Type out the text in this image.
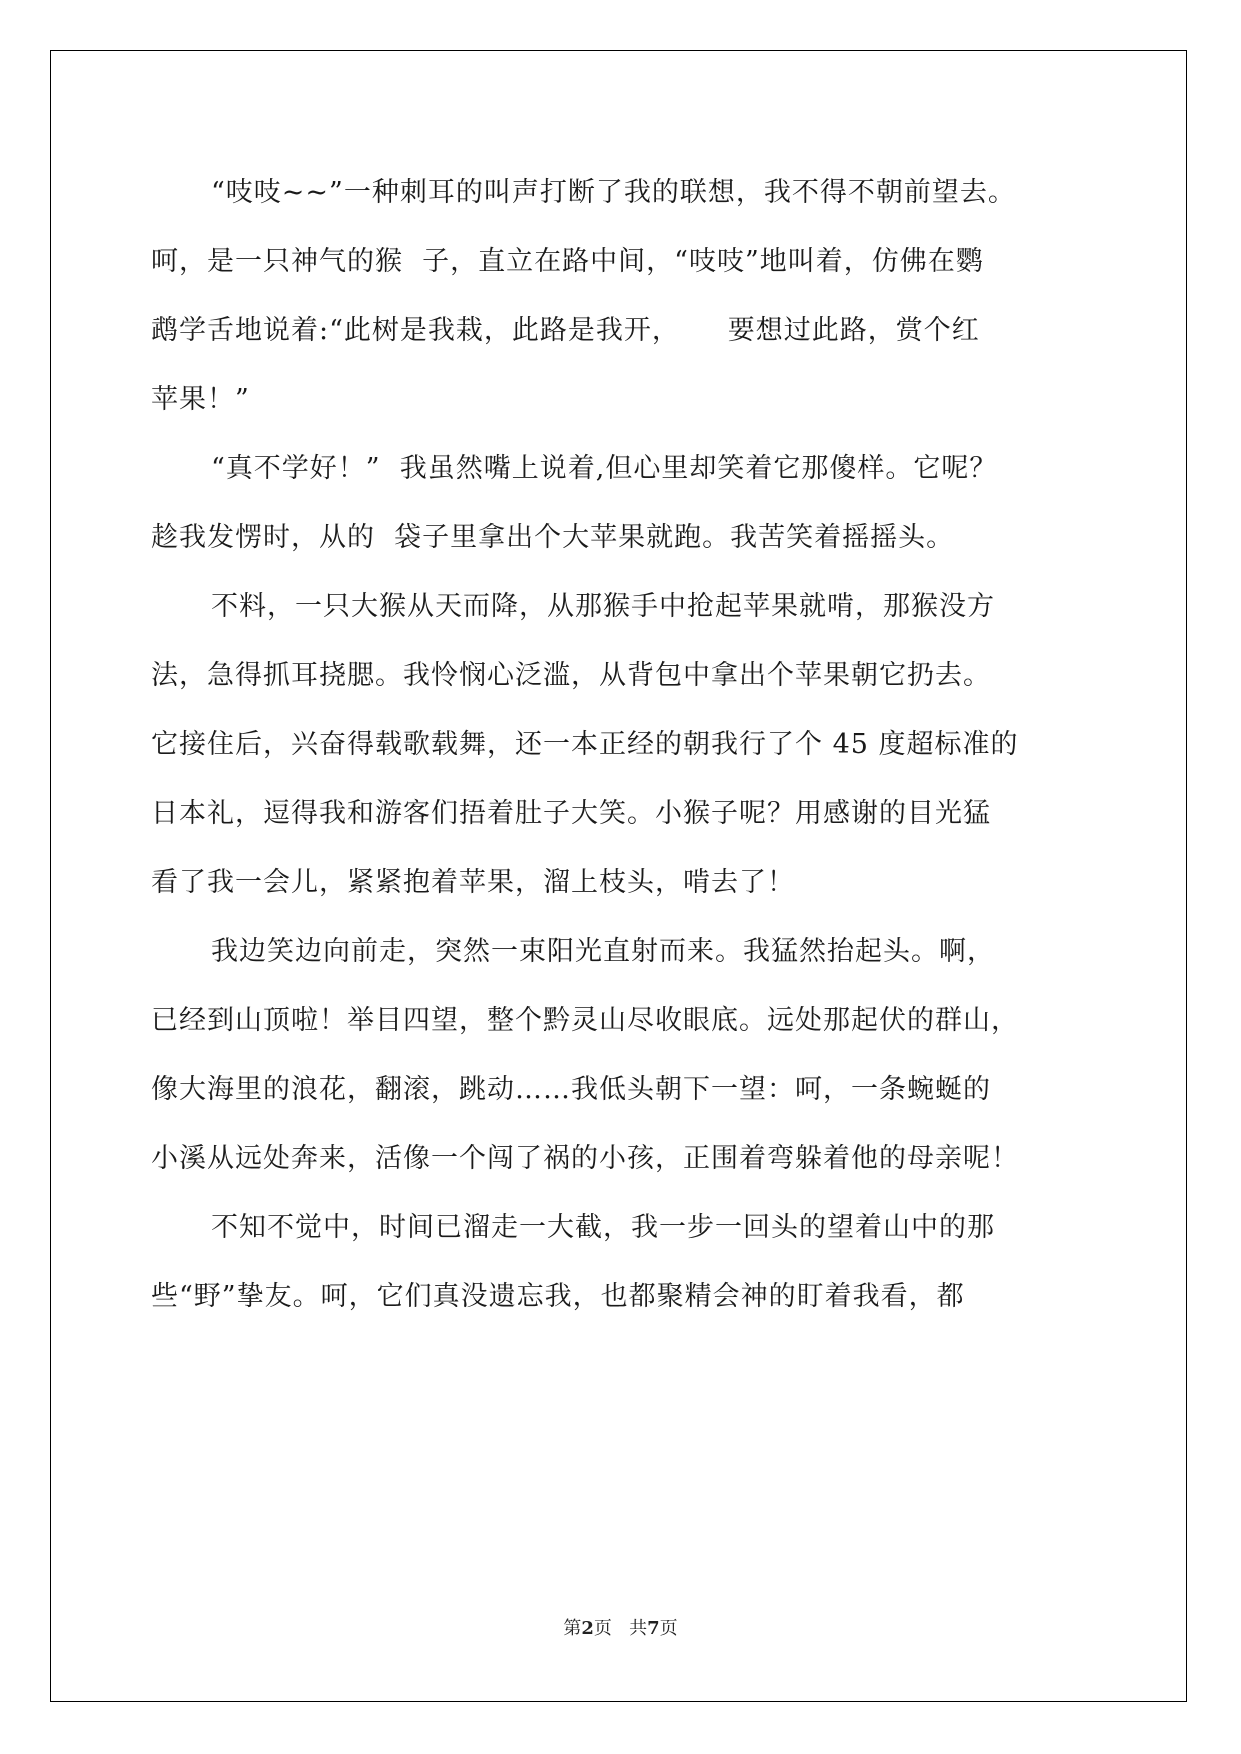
“吱吱~~”一种刺耳的叫声打断了我的联想，我不得不朝前望去。
呵，是一只神气的猴  子，直立在路中间，“吱吱”地叫着，仿佛在鹦
鹉学舌地说着:“此树是我栽，此路是我开，     要想过此路，赏个红
苹果！”
“真不学好！”  我虽然嘴上说着,但心里却笑着它那傻样。它呢？
趁我发愣时，从的  袋子里拿出个大苹果就跑。我苦笑着摇摇头。
不料，一只大猴从天而降，从那猴手中抢起苹果就啃，那猴没方
法，急得抓耳挠腮。我怜悯心泛滥，从背包中拿出个苹果朝它扔去。
它接住后，兴奋得载歌载舞，还一本正经的朝我行了个 45 度超标准的
日本礼，逗得我和游客们捂着肚子大笑。小猴子呢？用感谢的目光猛
看了我一会儿，紧紧抱着苹果，溜上枝头，啃去了！
我边笑边向前走，突然一束阳光直射而来。我猛然抬起头。啊，
已经到山顶啦！举目四望，整个黔灵山尽收眼底。远处那起伏的群山，
像大海里的浪花，翻滚，跳动……我低头朝下一望：呵，一条蜿蜒的
小溪从远处奔来，活像一个闯了祸的小孩，正围着弯躲着他的母亲呢！
不知不觉中，时间已溜走一大截，我一步一回头的望着山中的那
些“野”挚友。呵，它们真没遗忘我，也都聚精会神的盯着我看，都
第2页 共7页
